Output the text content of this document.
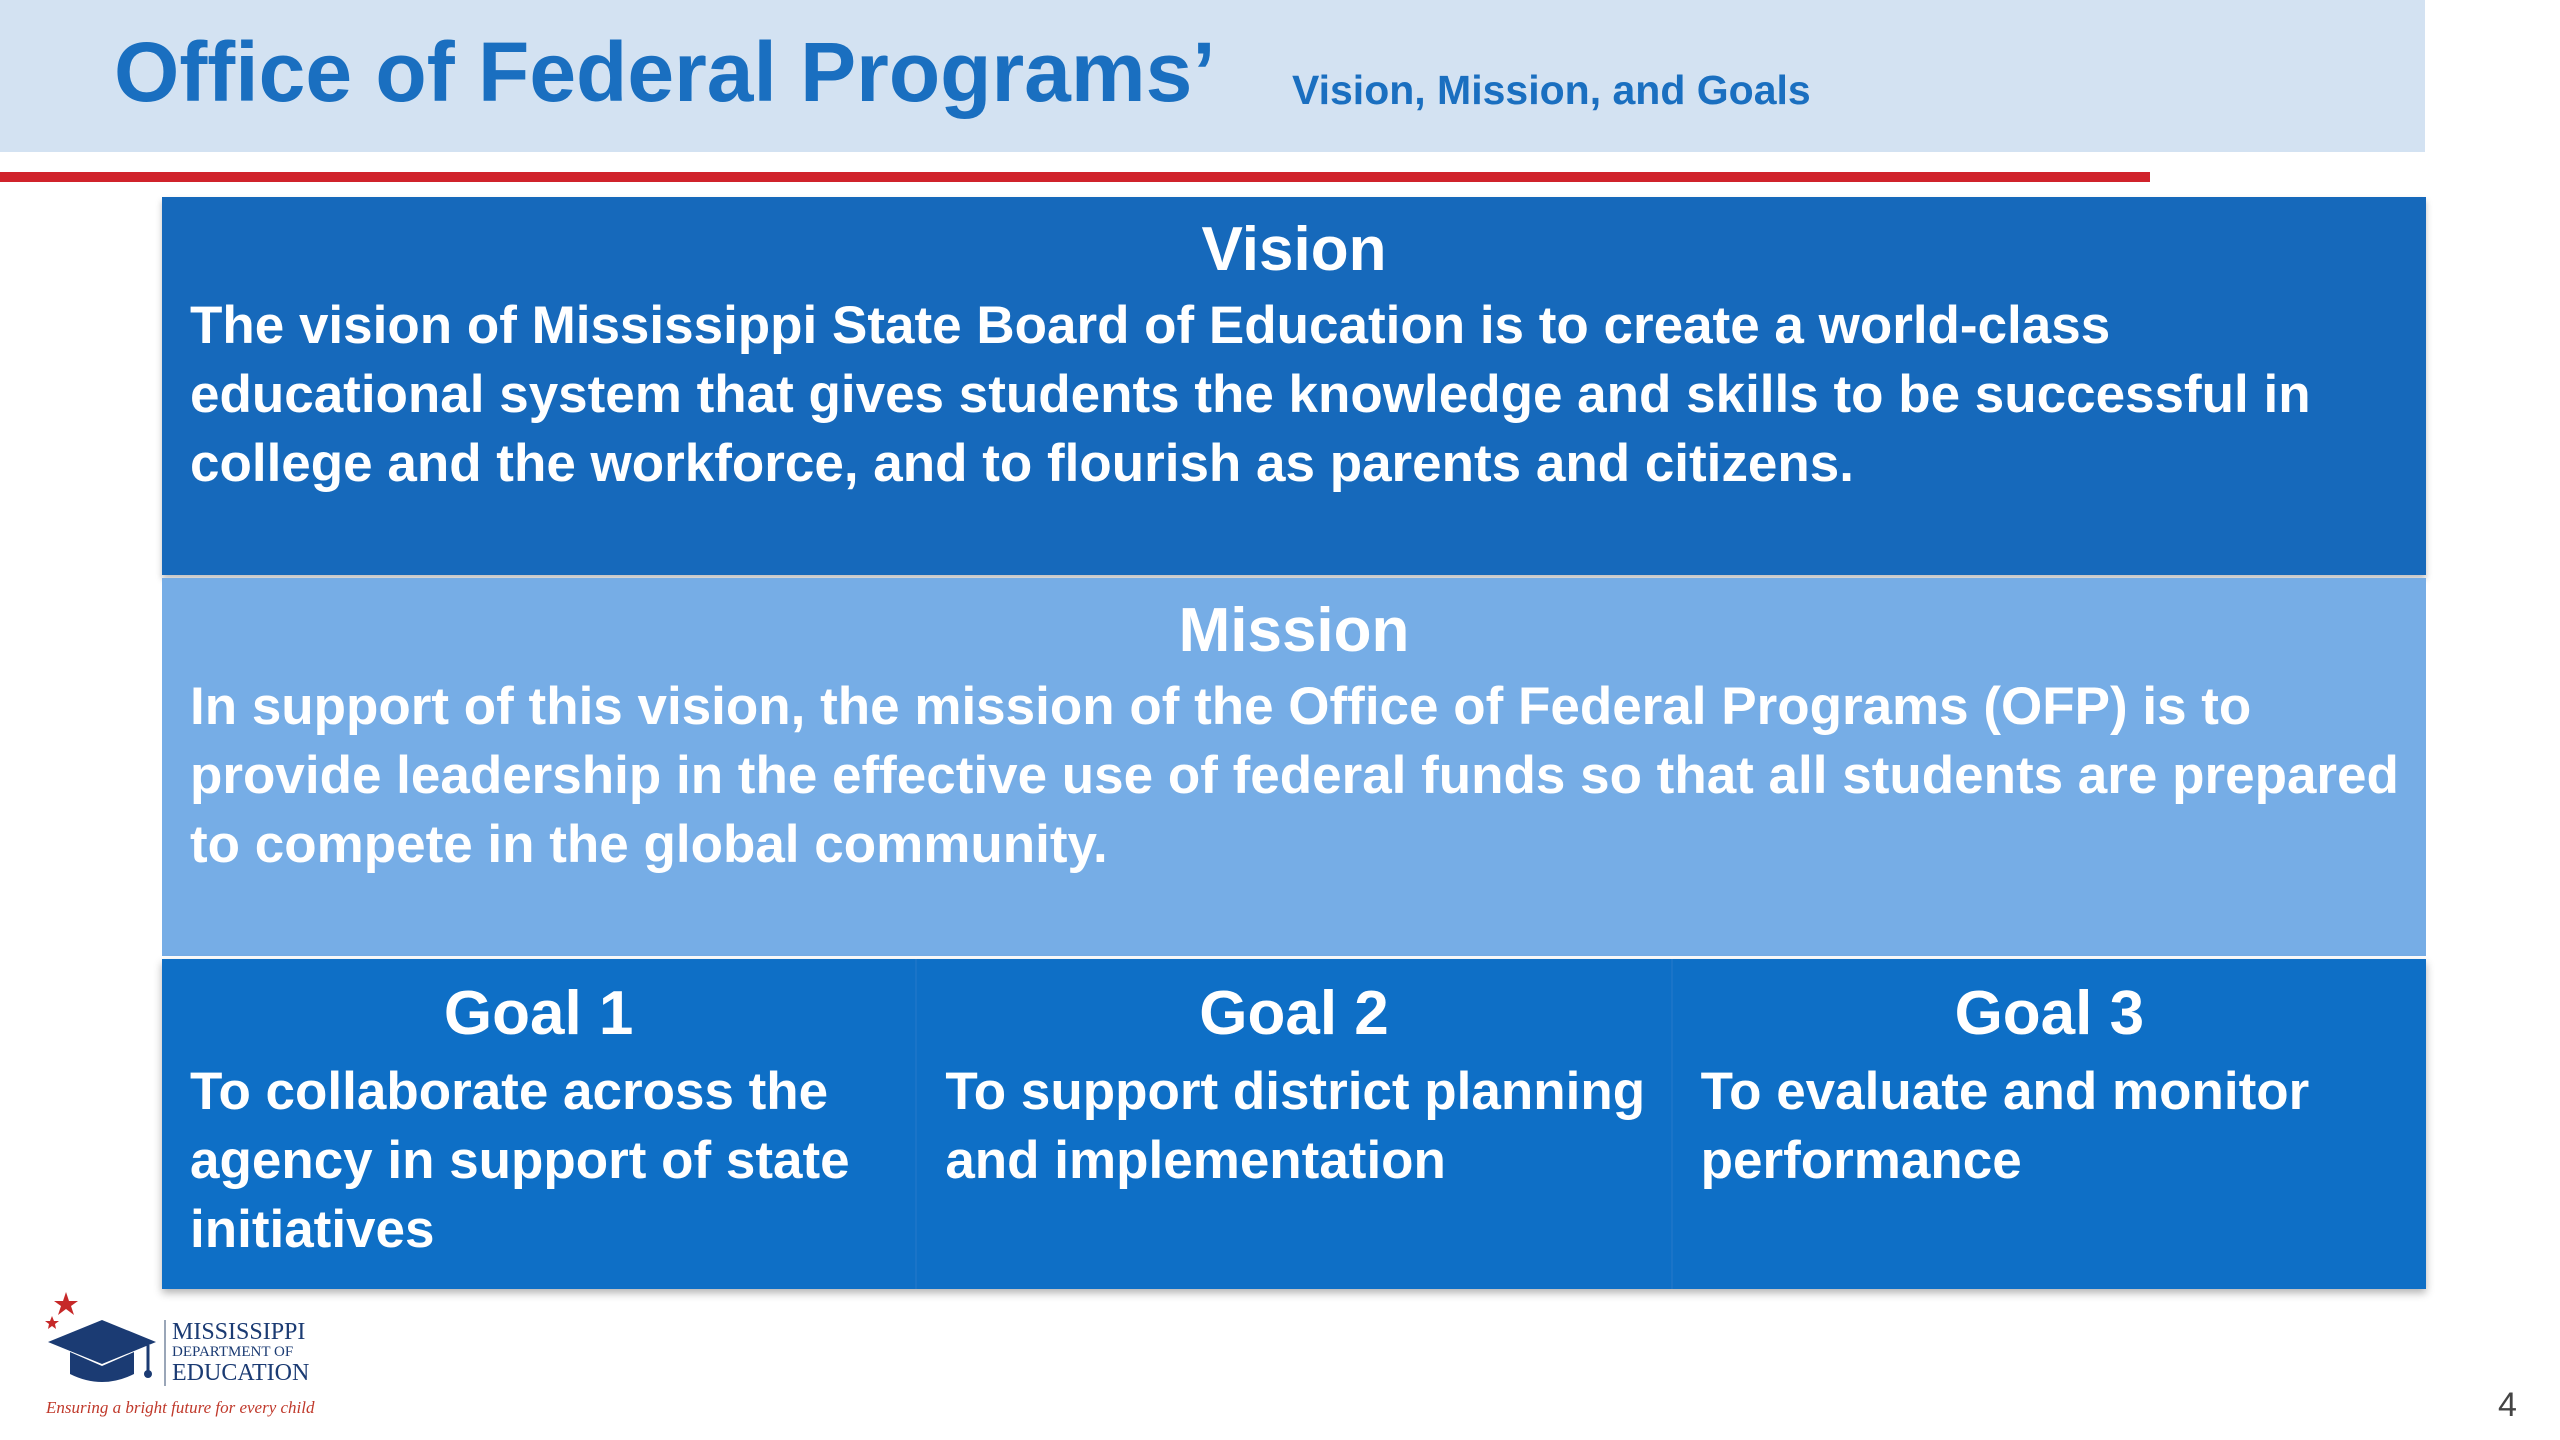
Office of Federal Programs’ Vision, Mission, and Goals
Vision
The vision of Mississippi State Board of Education is to create a world-class educational system that gives students the knowledge and skills to be successful in college and the workforce, and to flourish as parents and citizens.
Mission
In support of this vision, the mission of the Office of Federal Programs (OFP) is to provide leadership in the effective use of federal funds so that all students are prepared to compete in the global community.
Goal 1
To collaborate across the agency in support of state initiatives
Goal 2
To support district planning and implementation
Goal 3
To evaluate and monitor performance
MISSISSIPPI
DEPARTMENT OF
EDUCATION
Ensuring a bright future for every child	4
